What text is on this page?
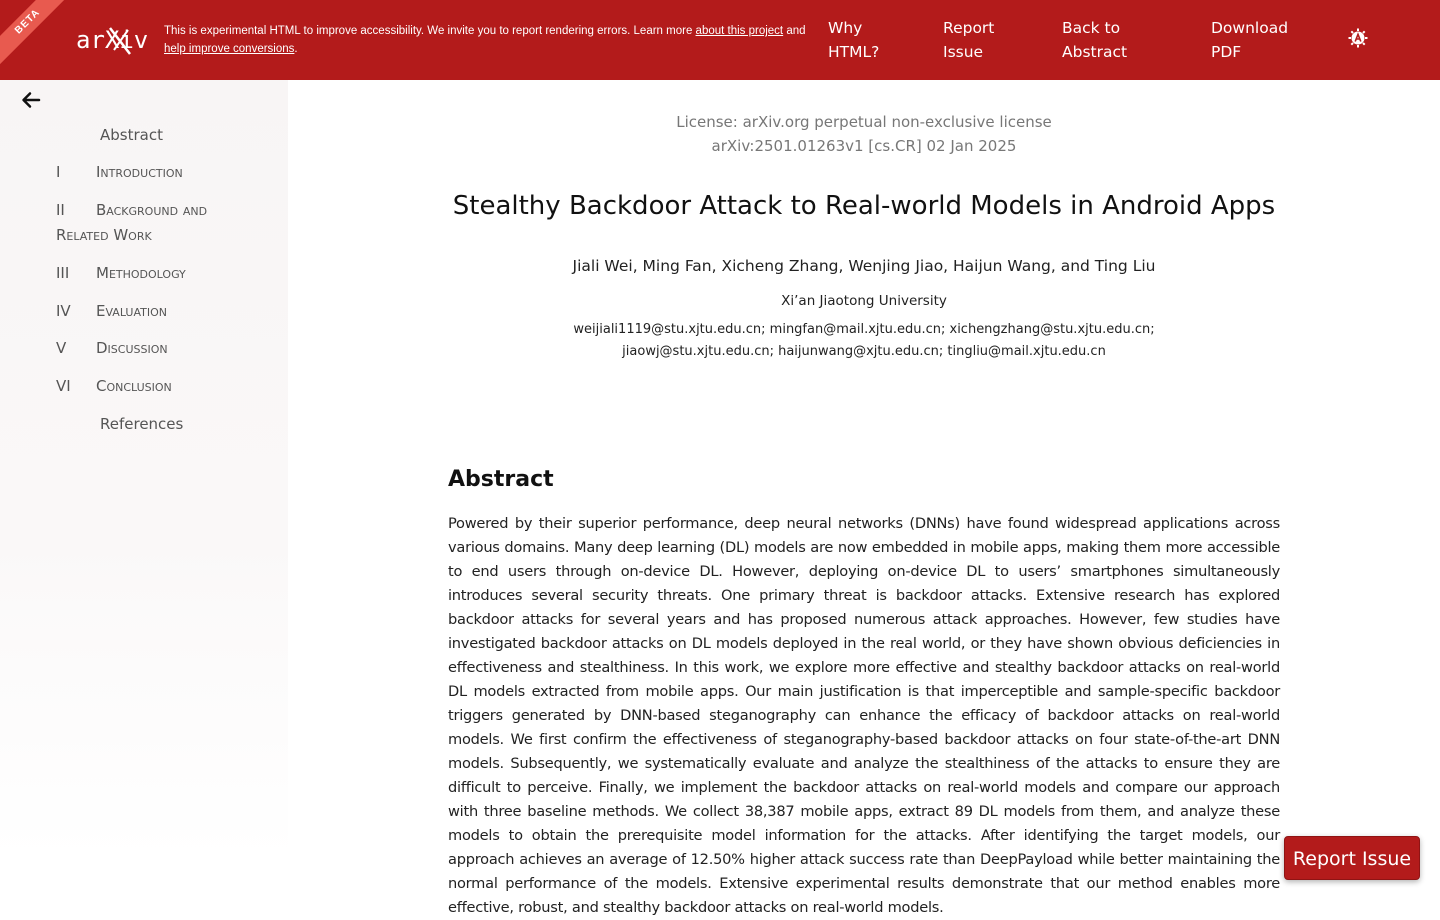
BETA
arXiv This is experimental HTML to improve accessibility. We invite you to report rendering errors. Learn more about this project and
help improve conversions.
Why
HTML?
Report
Issue
Back to
Abstract
Download
PDF
Abstract
I Introduction
II Background and
Related Work
III Methodology
IV Evaluation
V Discussion
VI Conclusion
References
License: arXiv.org perpetual non-exclusive license
arXiv:2501.01263v1 [cs.CR] 02 Jan 2025
Stealthy Backdoor Attack to Real-world Models in Android Apps
Jiali Wei, Ming Fan, Xicheng Zhang, Wenjing Jiao, Haijun Wang, and Ting Liu
Xi’an Jiaotong University
weijiali1119@stu.xjtu.edu.cn; mingfan@mail.xjtu.edu.cn; xichengzhang@stu.xjtu.edu.cn;
jiaowj@stu.xjtu.edu.cn; haijunwang@xjtu.edu.cn; tingliu@mail.xjtu.edu.cn
Abstract

Powered by their superior performance, deep neural networks (DNNs) have found widespread applications across various domains. Many deep learning (DL) models are now embedded in mobile apps, making them more accessible to end users through on-device DL. However, deploying on-device DL to users’ smartphones simultaneously introduces several security threats. One primary threat is backdoor attacks. Extensive research has explored backdoor attacks for several years and has proposed numerous attack approaches. However, few studies have investigated backdoor attacks on DL models deployed in the real world, or they have shown obvious deficiencies in effectiveness and stealthiness. In this work, we explore more effective and stealthy backdoor attacks on real-world DL models extracted from mobile apps. Our main justification is that imperceptible and sample-specific backdoor triggers generated by DNN-based steganography can enhance the efficacy of backdoor attacks on real-world models. We first confirm the effectiveness of steganography-based backdoor attacks on four state-of-the-art DNN models. Subsequently, we systematically evaluate and analyze the stealthiness of the attacks to ensure they are difficult to perceive. Finally, we implement the backdoor attacks on real-world models and compare our approach with three baseline methods. We collect 38,387 mobile apps, extract 89 DL models from them, and analyze these models to obtain the prerequisite model information for the attacks. After identifying the target models, our approach achieves an average of 12.50% higher attack success rate than DeepPayload while better maintaining the normal performance of the models. Extensive experimental results demonstrate that our method enables more effective, robust, and stealthy backdoor attacks on real-world models.

Report Issue
